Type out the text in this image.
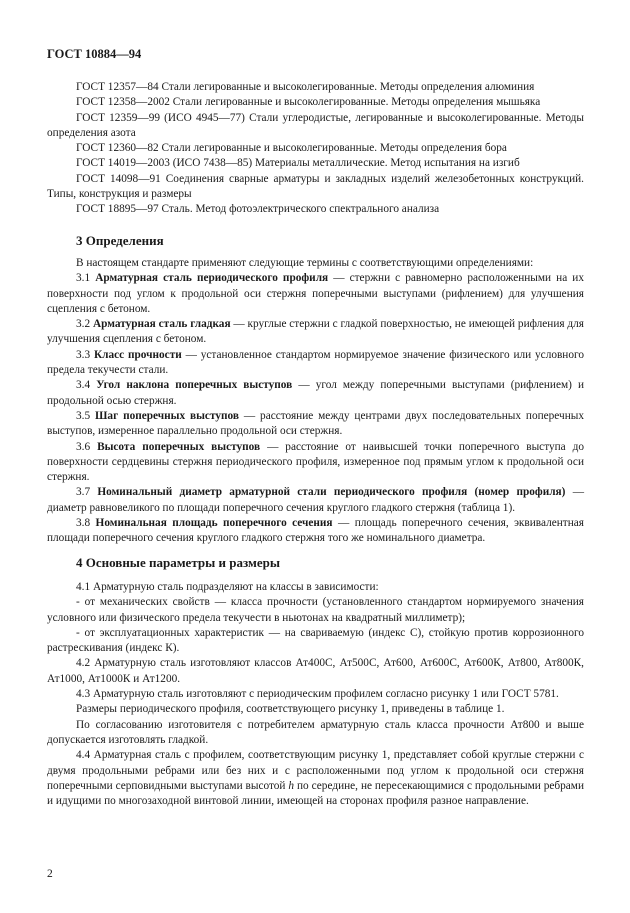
ГОСТ 10884—94

ГОСТ 12357—84 Стали легированные и высоколегированные. Методы определения алюминия

ГОСТ 12358—2002 Стали легированные и высоколегированные. Методы определения мышьяка

ГОСТ 12359—99 (ИСО 4945—77) Стали углеродистые, легированные и высоколегированные. Методы определения азота

ГОСТ 12360—82 Стали легированные и высоколегированные. Методы определения бора

ГОСТ 14019—2003 (ИСО 7438—85) Материалы металлические. Метод испытания на изгиб

ГОСТ 14098—91 Соединения сварные арматуры и закладных изделий железобетонных конструкций. Типы, конструкция и размеры

ГОСТ 18895—97 Сталь. Метод фотоэлектрического спектрального анализа

3 Определения

В настоящем стандарте применяют следующие термины с соответствующими определениями:

3.1 Арматурная сталь периодического профиля — стержни с равномерно расположенными на их поверхности под углом к продольной оси стержня поперечными выступами (рифлением) для улучшения сцепления с бетоном.

3.2 Арматурная сталь гладкая — круглые стержни с гладкой поверхностью, не имеющей рифления для улучшения сцепления с бетоном.

3.3 Класс прочности — установленное стандартом нормируемое значение физического или условного предела текучести стали.

3.4 Угол наклона поперечных выступов — угол между поперечными выступами (рифлением) и продольной осью стержня.

3.5 Шаг поперечных выступов — расстояние между центрами двух последовательных поперечных выступов, измеренное параллельно продольной оси стержня.

3.6 Высота поперечных выступов — расстояние от наивысшей точки поперечного выступа до поверхности сердцевины стержня периодического профиля, измеренное под прямым углом к продольной оси стержня.

3.7 Номинальный диаметр арматурной стали периодического профиля (номер профиля) — диаметр равновеликого по площади поперечного сечения круглого гладкого стержня (таблица 1).

3.8 Номинальная площадь поперечного сечения — площадь поперечного сечения, эквивалентная площади поперечного сечения круглого гладкого стержня того же номинального диаметра.

4 Основные параметры и размеры

4.1 Арматурную сталь подразделяют на классы в зависимости:

- от механических свойств — класса прочности (установленного стандартом нормируемого значения условного или физического предела текучести в ньютонах на квадратный миллиметр);

- от эксплуатационных характеристик — на свариваемую (индекс С), стойкую против коррозионного растрескивания (индекс К).

4.2 Арматурную сталь изготовляют классов Ат400С, Ат500С, Ат600, Ат600С, Ат600К, Ат800, Ат800К, Ат1000, Ат1000К и Ат1200.

4.3 Арматурную сталь изготовляют с периодическим профилем согласно рисунку 1 или ГОСТ 5781.

Размеры периодического профиля, соответствующего рисунку 1, приведены в таблице 1.

По согласованию изготовителя с потребителем арматурную сталь класса прочности Ат800 и выше допускается изготовлять гладкой.

4.4 Арматурная сталь с профилем, соответствующим рисунку 1, представляет собой круглые стержни с двумя продольными ребрами или без них и с расположенными под углом к продольной оси стержня поперечными серповидными выступами высотой h по середине, не пересекающимися с продольными ребрами и идущими по многозаходной винтовой линии, имеющей на сторонах профиля разное направление.

2
